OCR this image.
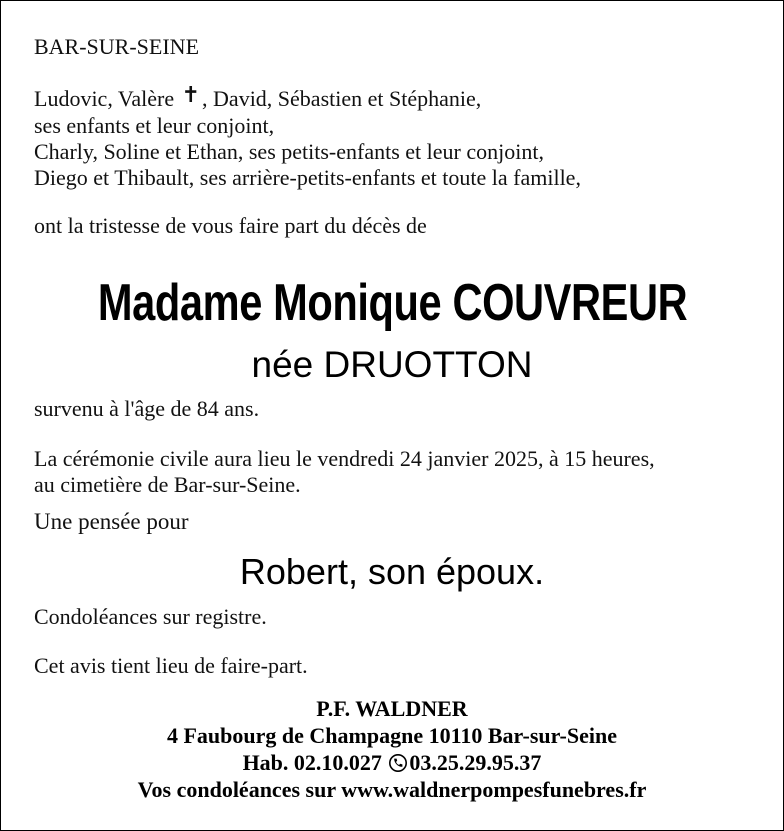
BAR-SUR-SEINE
Ludovic, Valère ✝, David, Sébastien et Stéphanie,
ses enfants et leur conjoint,
Charly, Soline et Ethan, ses petits-enfants et leur conjoint,
Diego et Thibault, ses arrière-petits-enfants et toute la famille,
ont la tristesse de vous faire part du décès de
Madame Monique COUVREUR
née DRUOTTON
survenu à l'âge de 84 ans.
La cérémonie civile aura lieu le vendredi 24 janvier 2025, à 15 heures,
au cimetière de Bar-sur-Seine.
Une pensée pour
Robert, son époux.
Condoléances sur registre.
Cet avis tient lieu de faire-part.
P.F. WALDNER
4 Faubourg de Champagne 10110 Bar-sur-Seine
Hab. 02.10.027 03.25.29.95.37
Vos condoléances sur www.waldnerpompesfunebres.fr
